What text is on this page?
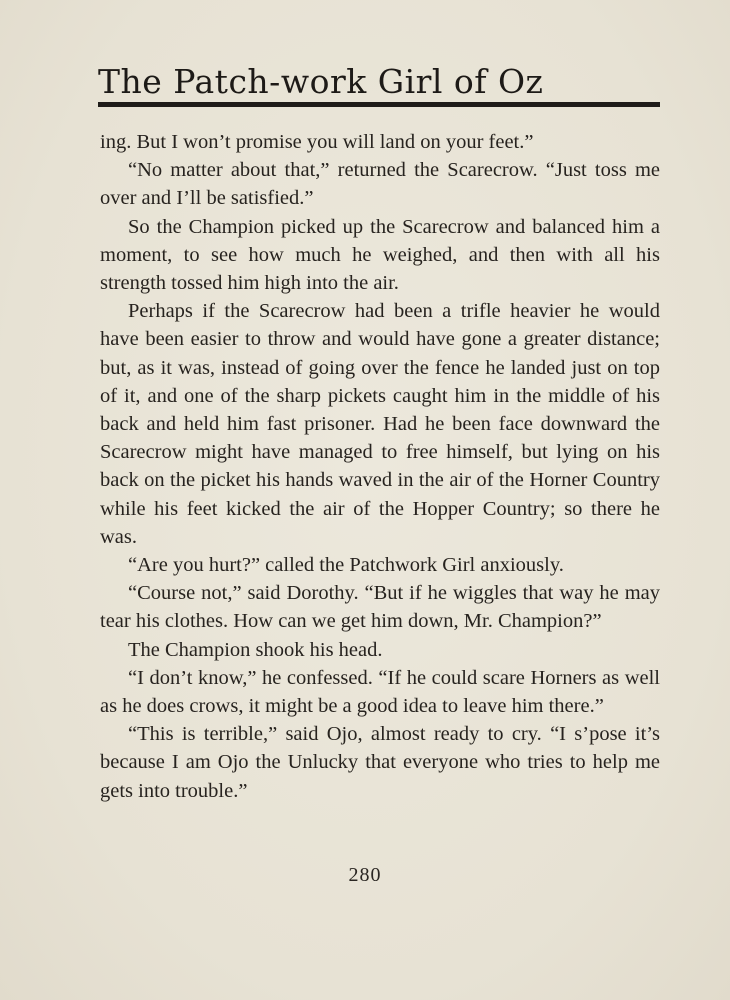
The Patch-work Girl of Oz

ing. But I won’t promise you will land on your feet.”

“No matter about that,” returned the Scarecrow. “Just toss me over and I’ll be satisfied.”

So the Champion picked up the Scarecrow and balanced him a moment, to see how much he weighed, and then with all his strength tossed him high into the air.

Perhaps if the Scarecrow had been a trifle heavier he would have been easier to throw and would have gone a greater distance; but, as it was, instead of going over the fence he landed just on top of it, and one of the sharp pickets caught him in the middle of his back and held him fast prisoner. Had he been face downward the Scarecrow might have managed to free himself, but lying on his back on the picket his hands waved in the air of the Horner Country while his feet kicked the air of the Hopper Country; so there he was.

“Are you hurt?” called the Patchwork Girl anxiously.

“Course not,” said Dorothy. “But if he wiggles that way he may tear his clothes. How can we get him down, Mr. Champion?”

The Champion shook his head.

“I don’t know,” he confessed. “If he could scare Horners as well as he does crows, it might be a good idea to leave him there.”

“This is terrible,” said Ojo, almost ready to cry. “I s’pose it’s because I am Ojo the Unlucky that everyone who tries to help me gets into trouble.”

280
